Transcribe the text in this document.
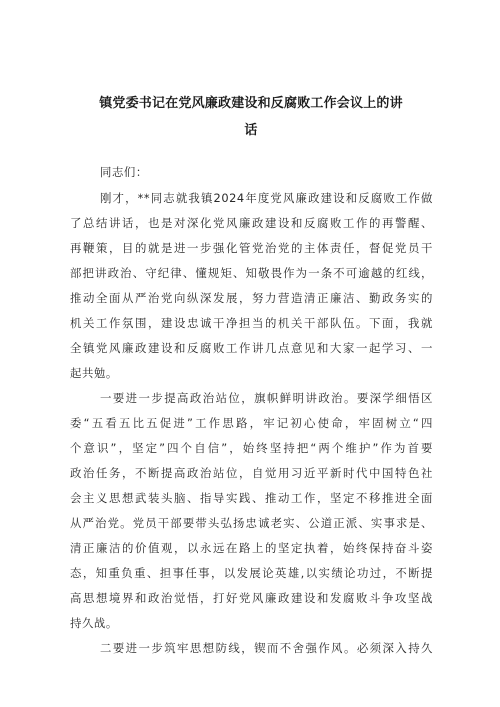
镇党委书记在党风廉政建设和反腐败工作会议上的讲
话
同志们：
刚才，**同志就我镇2024年度党风廉政建设和反腐败工作做
了总结讲话，也是对深化党风廉政建设和反腐败工作的再警醒、
再鞭策，目的就是进一步强化管党治党的主体责任，督促党员干
部把讲政治、守纪律、懂规矩、知敬畏作为一条不可逾越的红线，
推动全面从严治党向纵深发展，努力营造清正廉洁、勤政务实的
机关工作氛围，建设忠诚干净担当的机关干部队伍。下面，我就
全镇党风廉政建设和反腐败工作讲几点意见和大家一起学习、一
起共勉。
一要进一步提高政治站位，旗帜鲜明讲政治。要深学细悟区
委“五看五比五促进”工作思路，牢记初心使命，牢固树立“四
个意识”，坚定”四个自信”，始终坚持把“两个维护”作为首要
政治任务，不断提高政治站位，自觉用习近平新时代中国特色社
会主义思想武装头脑、指导实践、推动工作，坚定不移推进全面
从严治党。党员干部要带头弘扬忠诚老实、公道正派、实事求是、
清正廉洁的价值观，以永远在路上的坚定执着，始终保持奋斗姿
态，知重负重、担事任事，以发展论英雄,以实绩论功过，不断提
高思想境界和政治觉悟，打好党风廉政建设和发腐败斗争攻坚战
持久战。
二要进一步筑牢思想防线，锲而不舍强作风。必须深入持久
